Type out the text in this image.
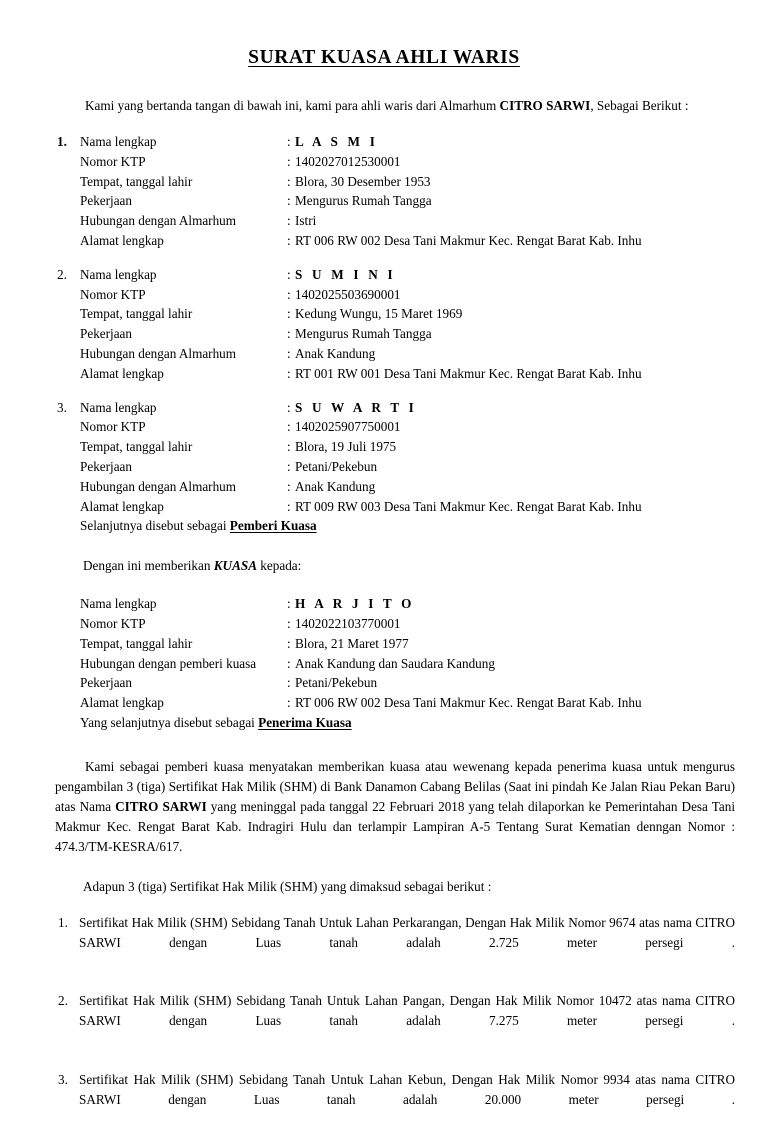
SURAT KUASA AHLI WARIS

Kami yang bertanda tangan di bawah ini, kami para ahli waris dari Almarhum CITRO SARWI, Sebagai Berikut :

1. Nama lengkap	: L A S M I
Nomor KTP	: 1402027012530001
Tempat, tanggal lahir	: Blora, 30 Desember 1953
Pekerjaan	: Mengurus Rumah Tangga
Hubungan dengan Almarhum	: Istri
Alamat lengkap	: RT 006 RW 002 Desa Tani Makmur Kec. Rengat Barat Kab. Inhu
2. Nama lengkap	: S U M I N I
Nomor KTP	: 1402025503690001
Tempat, tanggal lahir	: Kedung Wungu, 15 Maret 1969
Pekerjaan	: Mengurus Rumah Tangga
Hubungan dengan Almarhum	: Anak Kandung
Alamat lengkap	: RT 001 RW 001 Desa Tani Makmur Kec. Rengat Barat Kab. Inhu
3. Nama lengkap	: S U W A R T I
Nomor KTP	: 1402025907750001
Tempat, tanggal lahir	: Blora, 19 Juli 1975
Pekerjaan	: Petani/Pekebun
Hubungan dengan Almarhum	: Anak Kandung
Alamat lengkap	: RT 009 RW 003 Desa Tani Makmur Kec. Rengat Barat Kab. Inhu
Selanjutnya disebut sebagai Pemberi Kuasa
Dengan ini memberikan KUASA kepada:
Nama lengkap	: H A R J I T O
Nomor KTP	: 1402022103770001
Tempat, tanggal lahir	: Blora, 21 Maret 1977
Hubungan dengan pemberi kuasa	: Anak Kandung dan Saudara Kandung
Pekerjaan	: Petani/Pekebun
Alamat lengkap	: RT 006 RW 002 Desa Tani Makmur Kec. Rengat Barat Kab. Inhu
Yang selanjutnya disebut sebagai Penerima Kuasa

Kami sebagai pemberi kuasa menyatakan memberikan kuasa atau wewenang kepada penerima kuasa untuk mengurus pengambilan 3 (tiga) Sertifikat Hak Milik (SHM) di Bank Danamon Cabang Belilas (Saat ini pindah Ke Jalan Riau Pekan Baru) atas Nama CITRO SARWI yang meninggal pada tanggal 22 Februari 2018 yang telah dilaporkan ke Pemerintahan Desa Tani Makmur Kec. Rengat Barat Kab. Indragiri Hulu dan terlampir Lampiran A-5 Tentang Surat Kematian denngan Nomor : 474.3/TM-KESRA/617.

Adapun 3 (tiga) Sertifikat Hak Milik (SHM) yang dimaksud sebagai berikut :

1. Sertifikat Hak Milik (SHM) Sebidang Tanah Untuk Lahan Perkarangan, Dengan Hak Milik Nomor 9674 atas nama CITRO SARWI dengan Luas tanah adalah 2.725 meter persegi .
2. Sertifikat Hak Milik (SHM) Sebidang Tanah Untuk Lahan Pangan, Dengan Hak Milik Nomor 10472 atas nama CITRO SARWI dengan Luas tanah adalah 7.275 meter persegi .
3. Sertifikat Hak Milik (SHM) Sebidang Tanah Untuk Lahan Kebun, Dengan Hak Milik Nomor 9934 atas nama CITRO SARWI dengan Luas tanah adalah 20.000 meter persegi .
